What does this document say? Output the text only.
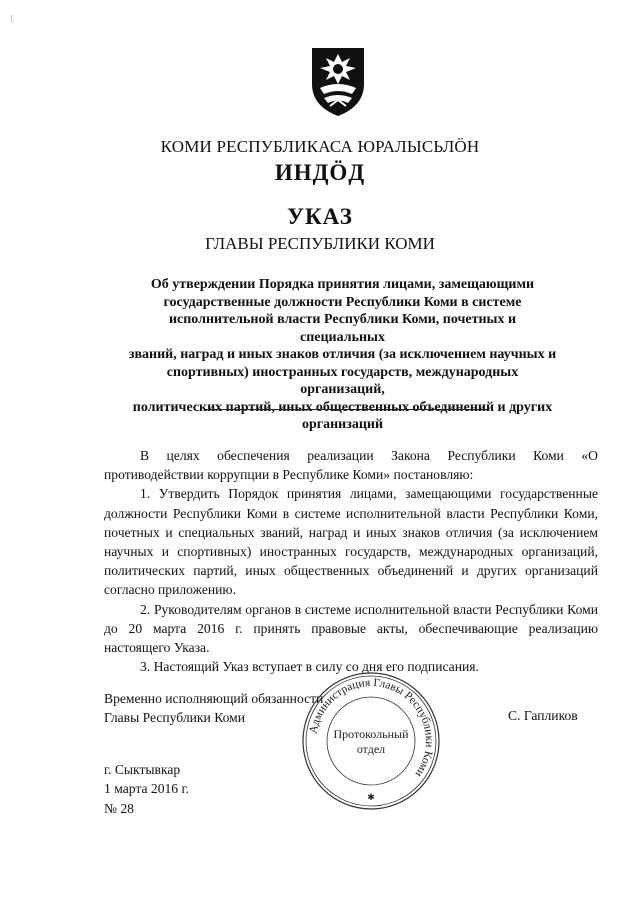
⁝
КОМИ РЕСПУБЛИКАСА ЮРАЛЫСЬЛӦН
ИНДӦД
УКАЗ
ГЛАВЫ РЕСПУБЛИКИ КОМИ
Об утверждении Порядка принятия лицами, замещающими
государственные должности Республики Коми в системе
исполнительной власти Республики Коми, почетных и специальных
званий, наград и иных знаков отличия (за исключением научных и
спортивных) иностранных государств, международных организаций,
политических партий, иных общественных объединений и других
организаций

В целях обеспечения реализации Закона Республики Коми «О противодействии коррупции в Республике Коми» постановляю:

1. Утвердить Порядок принятия лицами, замещающими государственные должности Республики Коми в системе исполнительной власти Республики Коми, почетных и специальных званий, наград и иных знаков отличия (за исключением научных и спортивных) иностранных государств, международных организаций, политических партий, иных общественных объединений и других организаций согласно приложению.

2. Руководителям органов в системе исполнительной власти Республики Коми до 20 марта 2016 г. принять правовые акты, обеспечивающие реализацию настоящего Указа.

3. Настоящий Указ вступает в силу со дня его подписания.

Временно исполняющий обязанности
Главы Республики Коми	С. Гапликов
Администрация Главы Республики Коми
Протокольный
отдел
✱
г. Сыктывкар
1 марта 2016 г.
№ 28
